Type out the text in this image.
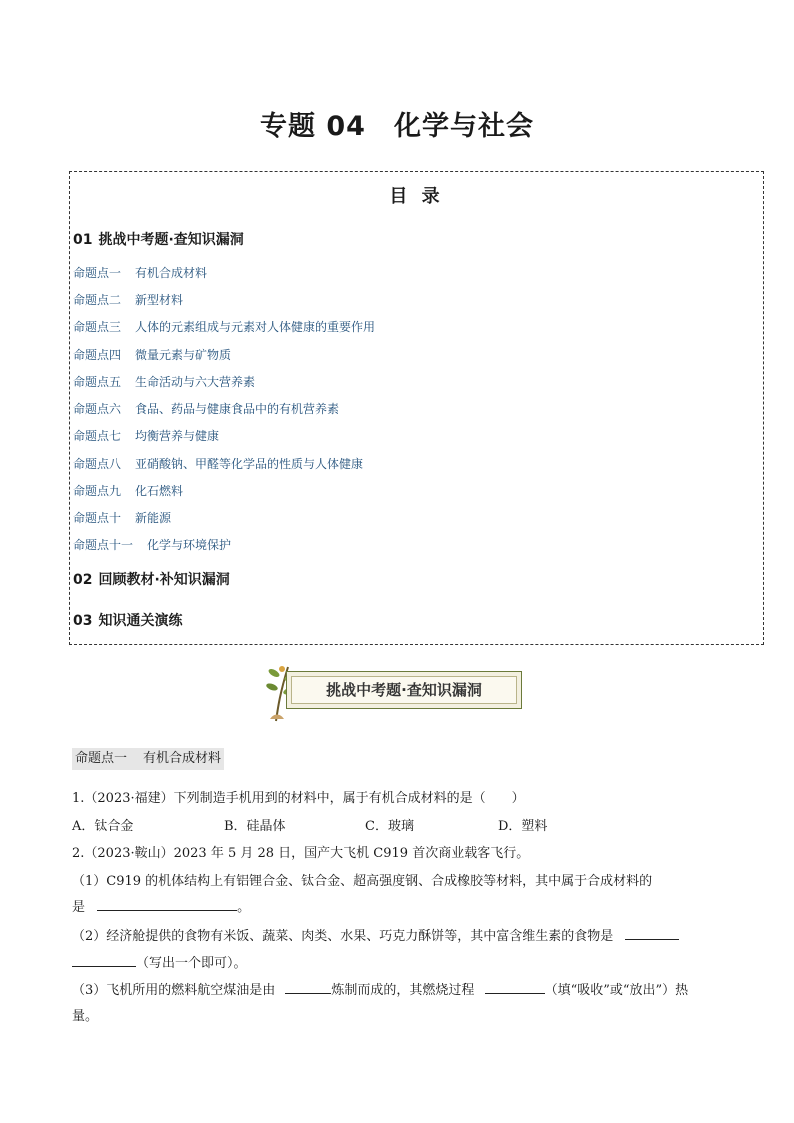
专题 04 化学与社会
目 录
01 挑战中考题·查知识漏洞
命题点一 有机合成材料
命题点二 新型材料
命题点三 人体的元素组成与元素对人体健康的重要作用
命题点四 微量元素与矿物质
命题点五 生命活动与六大营养素
命题点六 食品、药品与健康食品中的有机营养素
命题点七 均衡营养与健康
命题点八 亚硝酸钠、甲醛等化学品的性质与人体健康
命题点九 化石燃料
命题点十 新能源
命题点十一 化学与环境保护
02 回顾教材·补知识漏洞
03 知识通关演练
挑战中考题·查知识漏洞
命题点一 有机合成材料
1.（2023·福建）下列制造手机用到的材料中，属于有机合成材料的是（　　）
A．钛合金	B．硅晶体	C．玻璃	D．塑料
2.（2023·鞍山）2023 年 5 月 28 日，国产大飞机 C919 首次商业载客飞行。
（1）C919 的机体结构上有铝锂合金、钛合金、超高强度钢、合成橡胶等材料，其中属于合成材料的
是	。
（2）经济舱提供的食物有米饭、蔬菜、肉类、水果、巧克力酥饼等，其中富含维生素的食物是
（写出一个即可）。
（3）飞机所用的燃料航空煤油是由	炼制而成的，其燃烧过程	（填“吸收”或“放出”）热
量。
